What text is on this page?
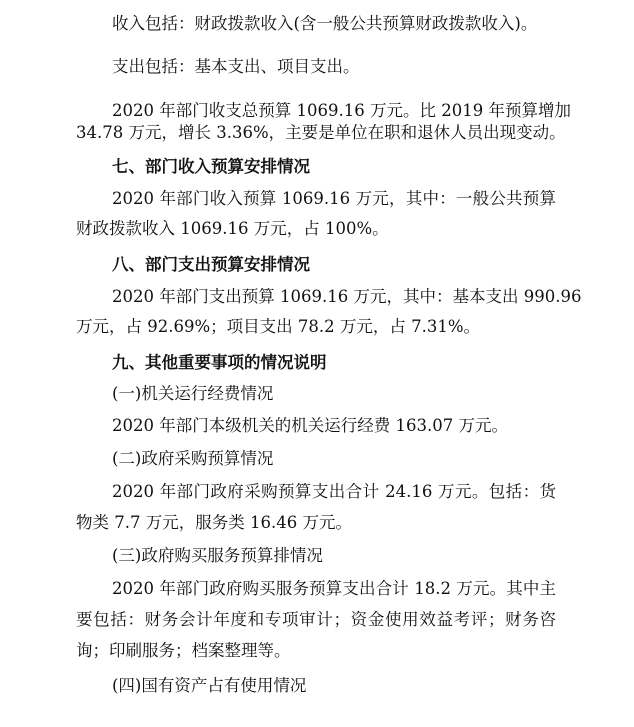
收入包括：财政拨款收入(含一般公共预算财政拨款收入)。
支出包括：基本支出、项目支出。
2020 年部门收支总预算 1069.16 万元。比 2019 年预算增加
34.78 万元，增长 3.36%，主要是单位在职和退休人员出现变动。
七、部门收入预算安排情况
2020 年部门收入预算 1069.16 万元，其中：一般公共预算
财政拨款收入 1069.16 万元，占 100%。
八、部门支出预算安排情况
2020 年部门支出预算 1069.16 万元，其中：基本支出 990.96
万元，占 92.69%；项目支出 78.2 万元，占 7.31%。
九、其他重要事项的情况说明
(一)机关运行经费情况
2020 年部门本级机关的机关运行经费 163.07 万元。
(二)政府采购预算情况
2020 年部门政府采购预算支出合计 24.16 万元。包括：货
物类 7.7 万元，服务类 16.46 万元。
(三)政府购买服务预算排情况
2020 年部门政府购买服务预算支出合计 18.2 万元。其中主
要包括：财务会计年度和专项审计；资金使用效益考评；财务咨
询；印刷服务；档案整理等。
(四)国有资产占有使用情况
